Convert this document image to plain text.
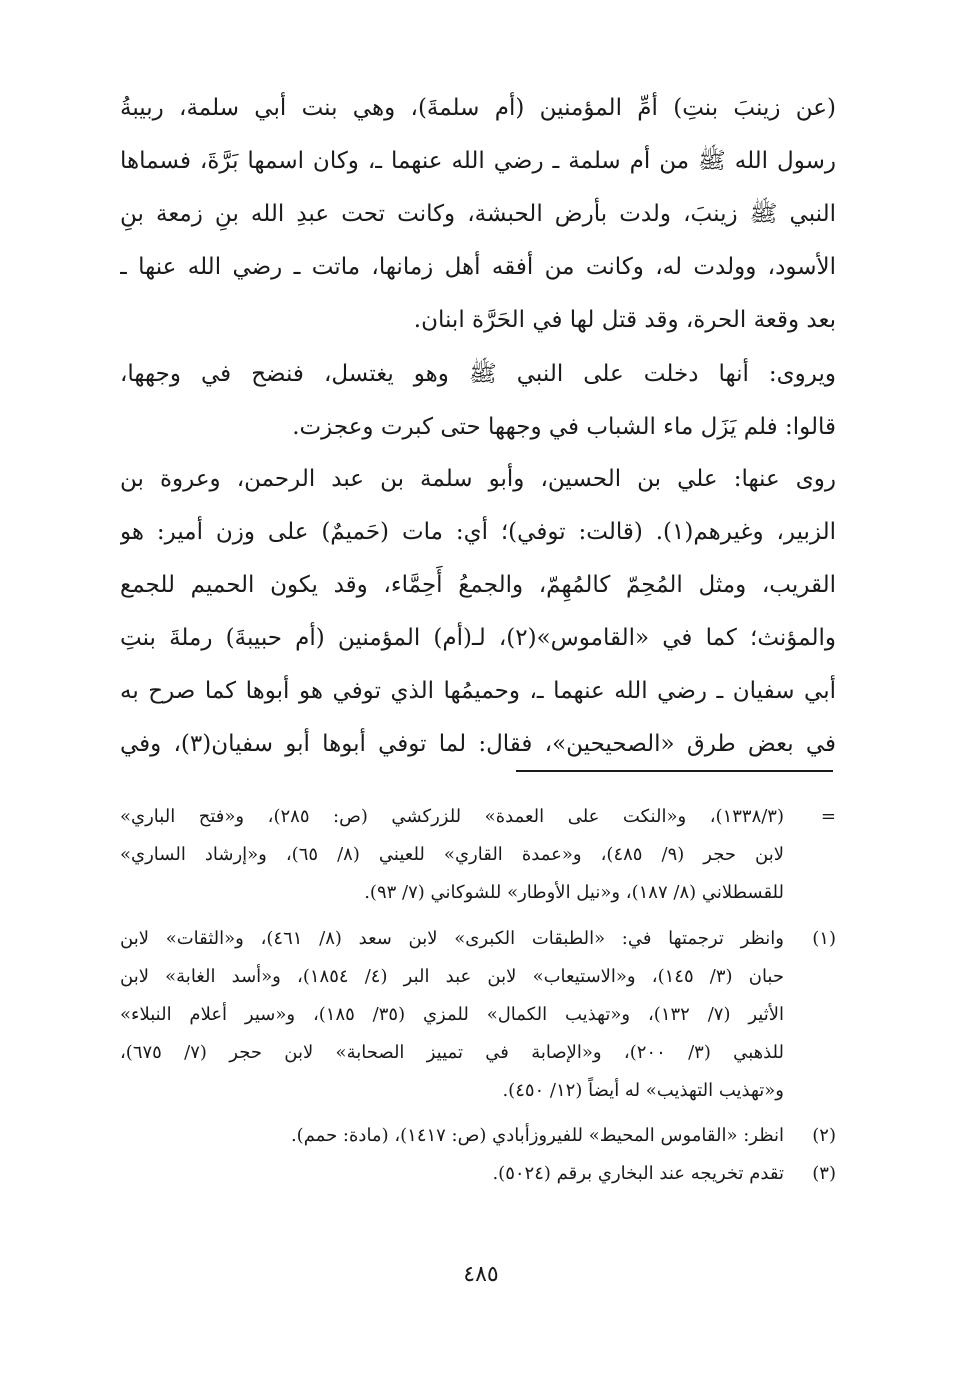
(عن زينبَ بنتِ) أمِّ المؤمنين (أم سلمةَ)، وهي بنت أبي سلمة، ربيبةُ
رسول الله ﷺ من أم سلمة ـ رضي الله عنهما ـ، وكان اسمها بَرَّةَ، فسماها
النبي ﷺ زينبَ، ولدت بأرض الحبشة، وكانت تحت عبدِ الله بنِ زمعة بنِ
الأسود، وولدت له، وكانت من أفقه أهل زمانها، ماتت ـ رضي الله عنها ـ
بعد وقعة الحرة، وقد قتل لها في الحَرَّة ابنان.
ويروى: أنها دخلت على النبي ﷺ وهو يغتسل، فنضح في وجهها،
قالوا: فلم يَزَل ماء الشباب في وجهها حتى كبرت وعجزت.
روى عنها: علي بن الحسين، وأبو سلمة بن عبد الرحمن، وعروة بن
الزبير، وغيرهم(١). (قالت: توفي)؛ أي: مات (حَميمٌ) على وزن أمير: هو
القريب، ومثل المُحِمّ كالمُهِمّ، والجمعُ أَحِمَّاء، وقد يكون الحميم للجمع
والمؤنث؛ كما في «القاموس»(٢)، لـ(أم) المؤمنين (أم حبيبةَ) رملةَ بنتِ
أبي سفيان ـ رضي الله عنهما ـ، وحميمُها الذي توفي هو أبوها كما صرح به
في بعض طرق «الصحيحين»، فقال: لما توفي أبوها أبو سفيان(٣)، وفي
=
(١٣٣٨/٣)، و«النكت على العمدة» للزركشي (ص: ٢٨٥)، و«فتح الباري»
لابن حجر (٩/ ٤٨٥)، و«عمدة القاري» للعيني (٨/ ٦٥)، و«إرشاد الساري»
للقسطلاني (٨/ ١٨٧)، و«نيل الأوطار» للشوكاني (٧/ ٩٣).
(١)
وانظر ترجمتها في: «الطبقات الكبرى» لابن سعد (٨/ ٤٦١)، و«الثقات» لابن
حبان (٣/ ١٤٥)، و«الاستيعاب» لابن عبد البر (٤/ ١٨٥٤)، و«أسد الغابة» لابن
الأثير (٧/ ١٣٢)، و«تهذيب الكمال» للمزي (٣٥/ ١٨٥)، و«سير أعلام النبلاء»
للذهبي (٣/ ٢٠٠)، و«الإصابة في تمييز الصحابة» لابن حجر (٧/ ٦٧٥)،
و«تهذيب التهذيب» له أيضاً (١٢/ ٤٥٠).
(٢)
انظر: «القاموس المحيط» للفيروزأبادي (ص: ١٤١٧)، (مادة: حمم).
(٣)
تقدم تخريجه عند البخاري برقم (٥٠٢٤).
٤٨٥
